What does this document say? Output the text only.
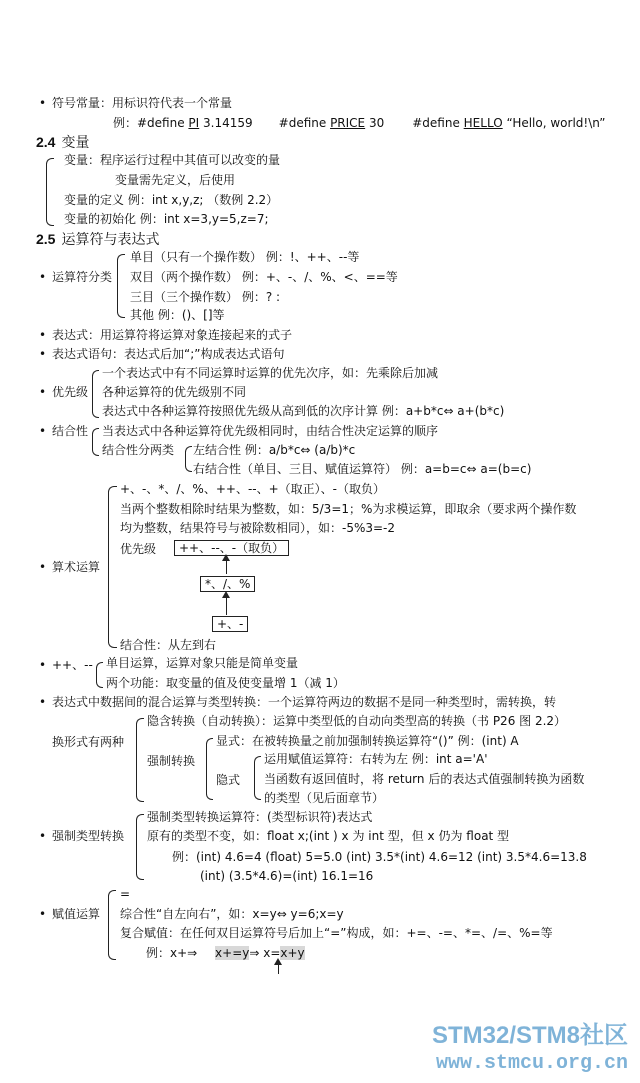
• 符号常量：用标识符代表一个常量
例：#define PI 3.14159 #define PRICE 30 #define HELLO “Hello, world!\n”
2.4 变量
变量：程序运行过程中其值可以改变的量
变量需先定义，后使用
变量的定义 例：int x,y,z; （数例 2.2）
变量的初始化 例：int x=3,y=5,z=7;
2.5 运算符与表达式
单目（只有一个操作数） 例：!、++、--等
• 运算符分类 双目（两个操作数） 例：+、-、/、%、<、==等
三目（三个操作数） 例：? :
其他 例：()、[]等
• 表达式：用运算符将运算对象连接起来的式子
• 表达式语句：表达式后加“;”构成表达式语句
一个表达式中有不同运算时运算的优先次序，如：先乘除后加减
• 优先级 各种运算符的优先级别不同
表达式中各种运算符按照优先级从高到低的次序计算 例：a+b*c⇔ a+(b*c)
• 结合性 当表达式中各种运算符优先级相同时，由结合性决定运算的顺序
结合性分两类 左结合性 例：a/b*c⇔ (a/b)*c
右结合性（单目、三目、赋值运算符） 例：a=b=c⇔ a=(b=c)
+、-、*、/、%、++、--、+（取正）、-（取负）
当两个整数相除时结果为整数，如：5/3=1；%为求模运算，即取余（要求两个操作数
均为整数，结果符号与被除数相同），如：-5%3=-2
优先级	++、--、-（取负）
*、/、%
+、-
• 算术运算
结合性：从左到右
• ++、-- 单目运算，运算对象只能是简单变量
两个功能：取变量的值及使变量增 1（减 1）
• 表达式中数据间的混合运算与类型转换：一个运算符两边的数据不是同一种类型时，需转换，转
换形式有两种
隐含转换（自动转换）：运算中类型低的自动向类型高的转换（书 P26 图 2.2）
强制转换
显式：在被转换量之前加强制转换运算符“()” 例：(int) A
隐式
运用赋值运算符：右转为左 例：int a='A'
当函数有返回值时，将 return 后的表达式值强制转换为函数
的类型（见后面章节）
强制类型转换运算符：(类型标识符)表达式
• 强制类型转换 原有的类型不变，如：float x;(int ) x 为 int 型，但 x 仍为 float 型
例：(int) 4.6=4 (float) 5=5.0 (int) 3.5*(int) 4.6=12 (int) 3.5*4.6=13.8
(int) (3.5*4.6)=(int) 16.1=16
=
• 赋值运算 综合性“自左向右”，如：x=y⇔ y=6;x=y
复合赋值：在任何双目运算符号后加上“=”构成，如：+=、-=、*=、/=、%=等
例：x+⇒ x+=y⇒ x=x+y
STM32/STM8社区
www.stmcu.org.cn
